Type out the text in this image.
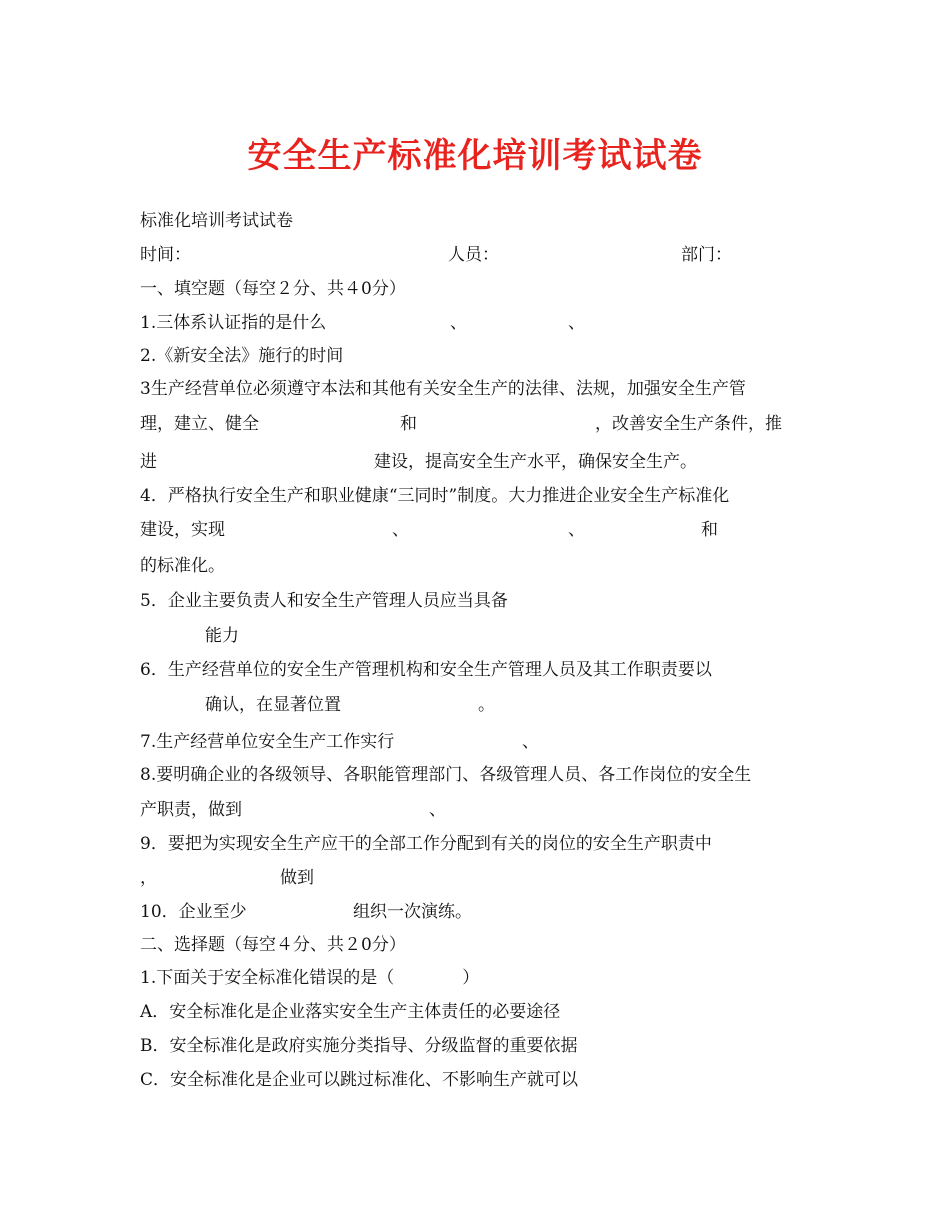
安全生产标准化培训考试试卷
标准化培训考试试卷
时间：	人员：	部门：
一、填空题（每空２分、共４0分）
1.三体系认证指的是什么	、	、
2.《新安全法》施行的时间
3生产经营单位必须遵守本法和其他有关安全生产的法律、法规，加强安全生产管
理，建立、健全	和	，改善安全生产条件，推
进	建设，提高安全生产水平，确保安全生产。
4．严格执行安全生产和职业健康“三同时”制度。大力推进企业安全生产标准化
建设，实现	、	、	和
的标准化。
5．企业主要负责人和安全生产管理人员应当具备
能力
6．生产经营单位的安全生产管理机构和安全生产管理人员及其工作职责要以
确认，在显著位置	。
7.生产经营单位安全生产工作实行	、
8.要明确企业的各级领导、各职能管理部门、各级管理人员、各工作岗位的安全生
产职责，做到	、
9．要把为实现安全生产应干的全部工作分配到有关的岗位的安全生产职责中
，	做到
10．企业至少	组织一次演练。
二、选择题（每空４分、共２0分）
1.下面关于安全标准化错误的是（　　　　）
A．安全标准化是企业落实安全生产主体责任的必要途径
B．安全标准化是政府实施分类指导、分级监督的重要依据
C．安全标准化是企业可以跳过标准化、不影响生产就可以
